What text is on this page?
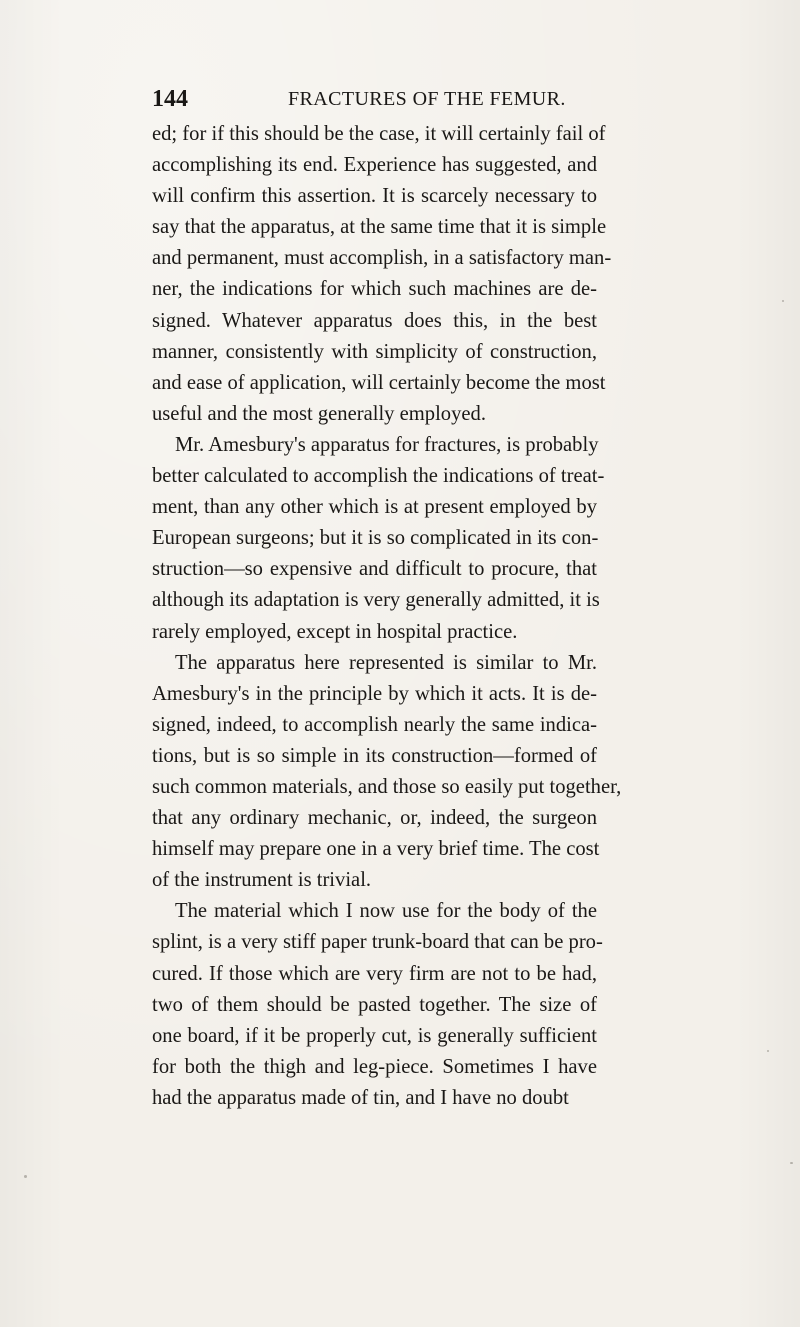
144	FRACTURES OF THE FEMUR.
ed; for if this should be the case, it will certainly fail of
accomplishing its end. Experience has suggested, and
will confirm this assertion. It is scarcely necessary to
say that the apparatus, at the same time that it is simple
and permanent, must accomplish, in a satisfactory man-
ner, the indications for which such machines are de-
signed. Whatever apparatus does this, in the best
manner, consistently with simplicity of construction,
and ease of application, will certainly become the most
useful and the most generally employed.
Mr. Amesbury's apparatus for fractures, is probably
better calculated to accomplish the indications of treat-
ment, than any other which is at present employed by
European surgeons; but it is so complicated in its con-
struction—so expensive and difficult to procure, that
although its adaptation is very generally admitted, it is
rarely employed, except in hospital practice.
The apparatus here represented is similar to Mr.
Amesbury's in the principle by which it acts. It is de-
signed, indeed, to accomplish nearly the same indica-
tions, but is so simple in its construction—formed of
such common materials, and those so easily put together,
that any ordinary mechanic, or, indeed, the surgeon
himself may prepare one in a very brief time. The cost
of the instrument is trivial.
The material which I now use for the body of the
splint, is a very stiff paper trunk-board that can be pro-
cured. If those which are very firm are not to be had,
two of them should be pasted together. The size of
one board, if it be properly cut, is generally sufficient
for both the thigh and leg-piece. Sometimes I have
had the apparatus made of tin, and I have no doubt
